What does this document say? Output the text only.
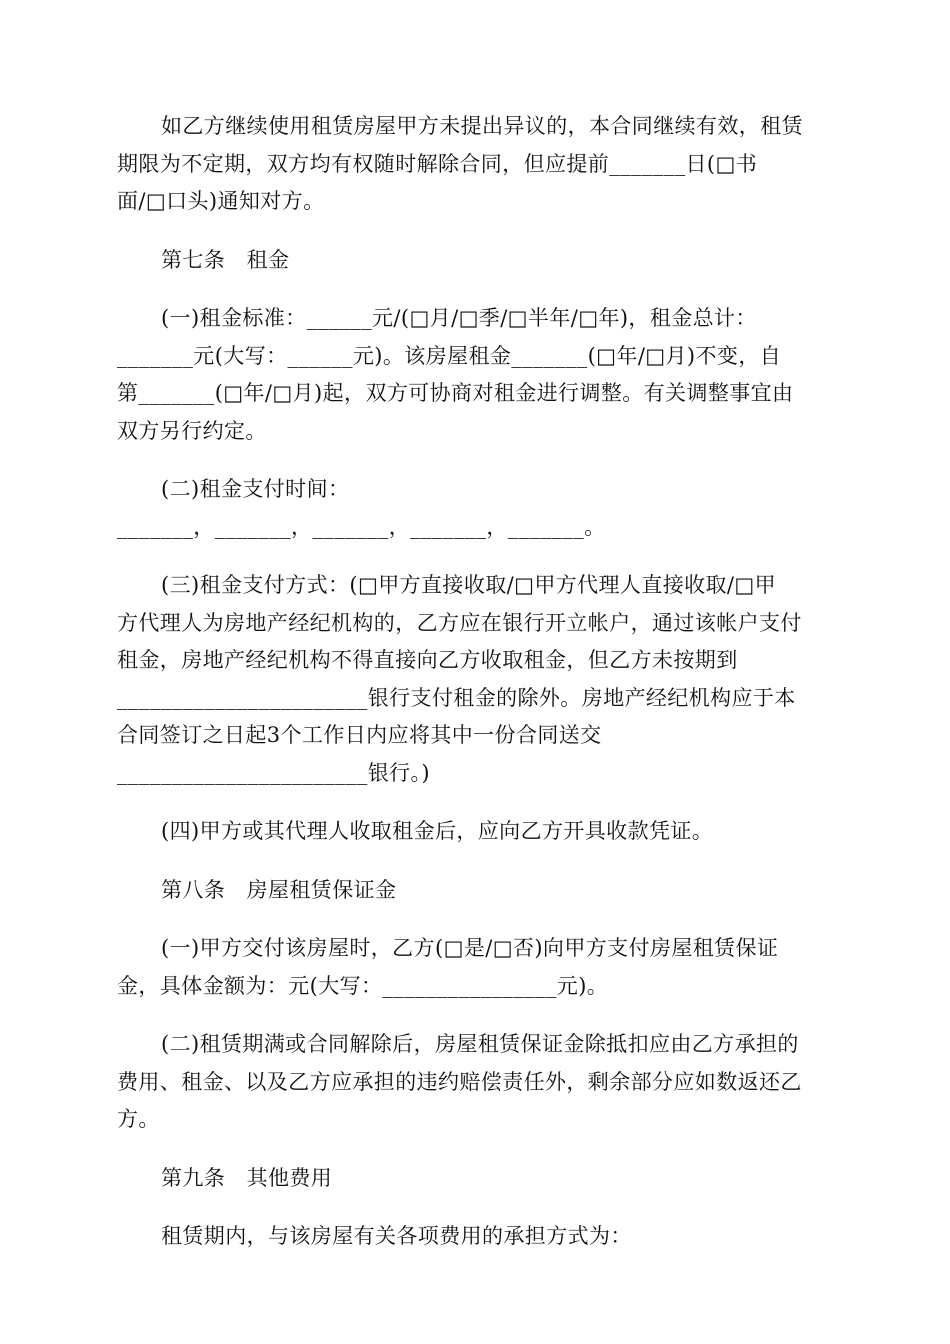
如乙方继续使用租赁房屋甲方未提出异议的，本合同继续有效，租赁
期限为不定期，双方均有权随时解除合同，但应提前_______日(□书
面/□口头)通知对方。
第七条　租金
(一)租金标准：______元/(□月/□季/□半年/□年)，租金总计：
_______元(大写：______元)。该房屋租金_______(□年/□月)不变，自
第_______(□年/□月)起，双方可协商对租金进行调整。有关调整事宜由
双方另行约定。
(二)租金支付时间：
_______，_______，_______，_______，_______。
(三)租金支付方式：(□甲方直接收取/□甲方代理人直接收取/□甲
方代理人为房地产经纪机构的，乙方应在银行开立帐户，通过该帐户支付
租金，房地产经纪机构不得直接向乙方收取租金，但乙方未按期到
_______________________银行支付租金的除外。房地产经纪机构应于本
合同签订之日起3个工作日内应将其中一份合同送交
_______________________银行。)
(四)甲方或其代理人收取租金后，应向乙方开具收款凭证。
第八条　房屋租赁保证金
(一)甲方交付该房屋时，乙方(□是/□否)向甲方支付房屋租赁保证
金，具体金额为：元(大写：________________元)。
(二)租赁期满或合同解除后，房屋租赁保证金除抵扣应由乙方承担的
费用、租金、以及乙方应承担的违约赔偿责任外，剩余部分应如数返还乙
方。
第九条　其他费用
租赁期内，与该房屋有关各项费用的承担方式为：
